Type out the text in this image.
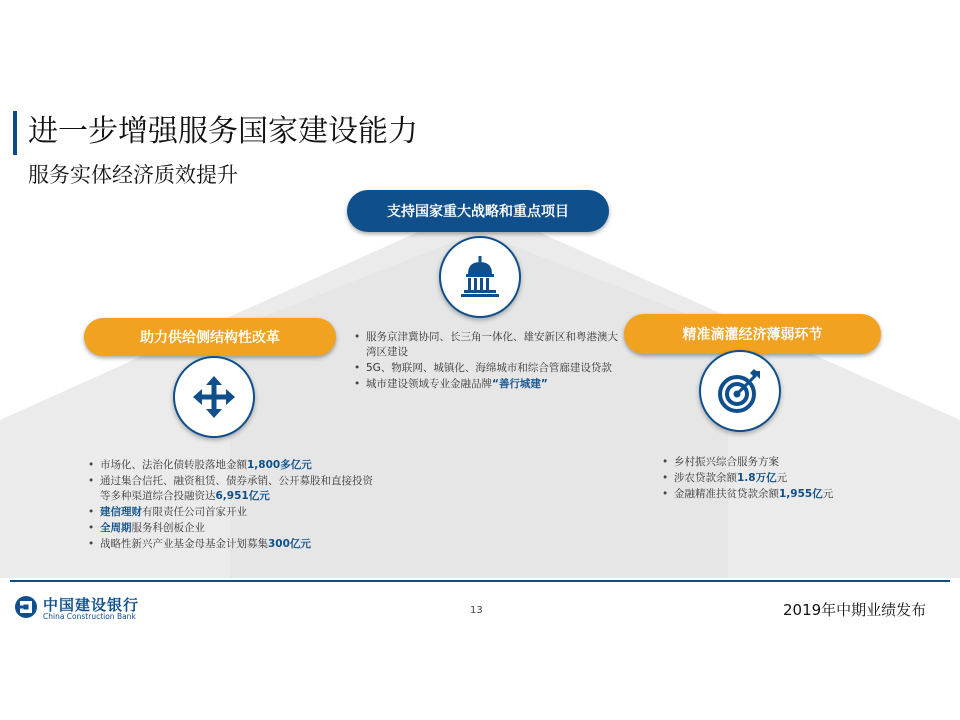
进一步增强服务国家建设能力
服务实体经济质效提升
支持国家重大战略和重点项目
• 服务京津冀协同、长三角一体化、雄安新区和粤港澳大湾区建设
• 5G、物联网、城镇化、海绵城市和综合管廊建设贷款
• 城市建设领域专业金融品牌“善行城建”
助力供给侧结构性改革
• 市场化、法治化债转股落地金额1,800多亿元
• 通过集合信托、融资租赁、债券承销、公开募股和直接投资等多种渠道综合投融资达6,951亿元
• 建信理财有限责任公司首家开业
• 全周期服务科创板企业
• 战略性新兴产业基金母基金计划募集300亿元
精准滴灌经济薄弱环节
• 乡村振兴综合服务方案
• 涉农贷款余额1.8万亿元
• 金融精准扶贫贷款余额1,955亿元
中国建设银行
China Construction Bank
13	2019年中期业绩发布
